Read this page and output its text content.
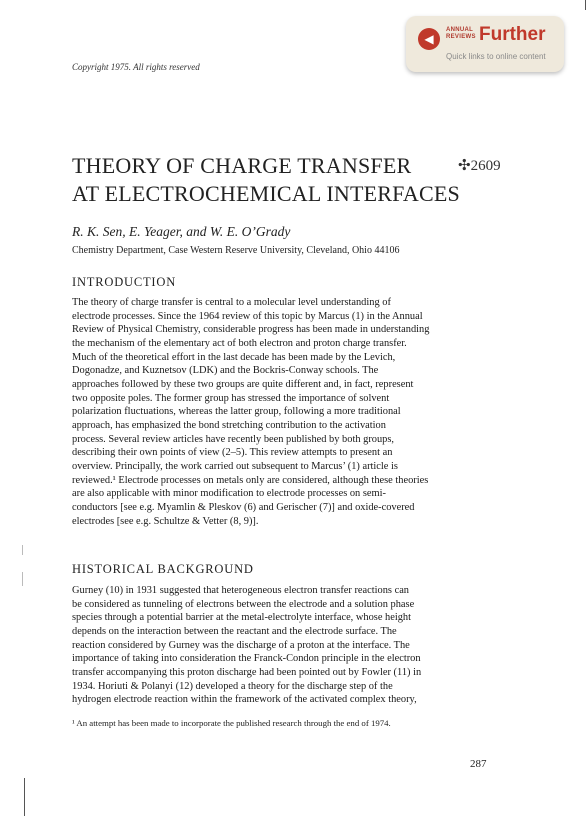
Copyright 1975. All rights reserved
◀
ANNUAL
REVIEWS Further
Quick links to online content
THEORY OF CHARGE TRANSFER
AT ELECTROCHEMICAL INTERFACES
✣2609
R. K. Sen, E. Yeager, and W. E. O’Grady
Chemistry Department, Case Western Reserve University, Cleveland, Ohio 44106
INTRODUCTION
The theory of charge transfer is central to a molecular level understanding of
electrode processes. Since the 1964 review of this topic by Marcus (1) in the Annual
Review of Physical Chemistry, considerable progress has been made in understanding
the mechanism of the elementary act of both electron and proton charge transfer.
Much of the theoretical effort in the last decade has been made by the Levich,
Dogonadze, and Kuznetsov (LDK) and the Bockris-Conway schools. The
approaches followed by these two groups are quite different and, in fact, represent
two opposite poles. The former group has stressed the importance of solvent
polarization fluctuations, whereas the latter group, following a more traditional
approach, has emphasized the bond stretching contribution to the activation
process. Several review articles have recently been published by both groups,
describing their own points of view (2–5). This review attempts to present an
overview. Principally, the work carried out subsequent to Marcus’ (1) article is
reviewed.¹ Electrode processes on metals only are considered, although these theories
are also applicable with minor modification to electrode processes on semi-
conductors [see e.g. Myamlin & Pleskov (6) and Gerischer (7)] and oxide-covered
electrodes [see e.g. Schultze & Vetter (8, 9)].
HISTORICAL BACKGROUND
Gurney (10) in 1931 suggested that heterogeneous electron transfer reactions can
be considered as tunneling of electrons between the electrode and a solution phase
species through a potential barrier at the metal-electrolyte interface, whose height
depends on the interaction between the reactant and the electrode surface. The
reaction considered by Gurney was the discharge of a proton at the interface. The
importance of taking into consideration the Franck-Condon principle in the electron
transfer accompanying this proton discharge had been pointed out by Fowler (11) in
1934. Horiuti & Polanyi (12) developed a theory for the discharge step of the
hydrogen electrode reaction within the framework of the activated complex theory,
¹ An attempt has been made to incorporate the published research through the end of 1974.
287
